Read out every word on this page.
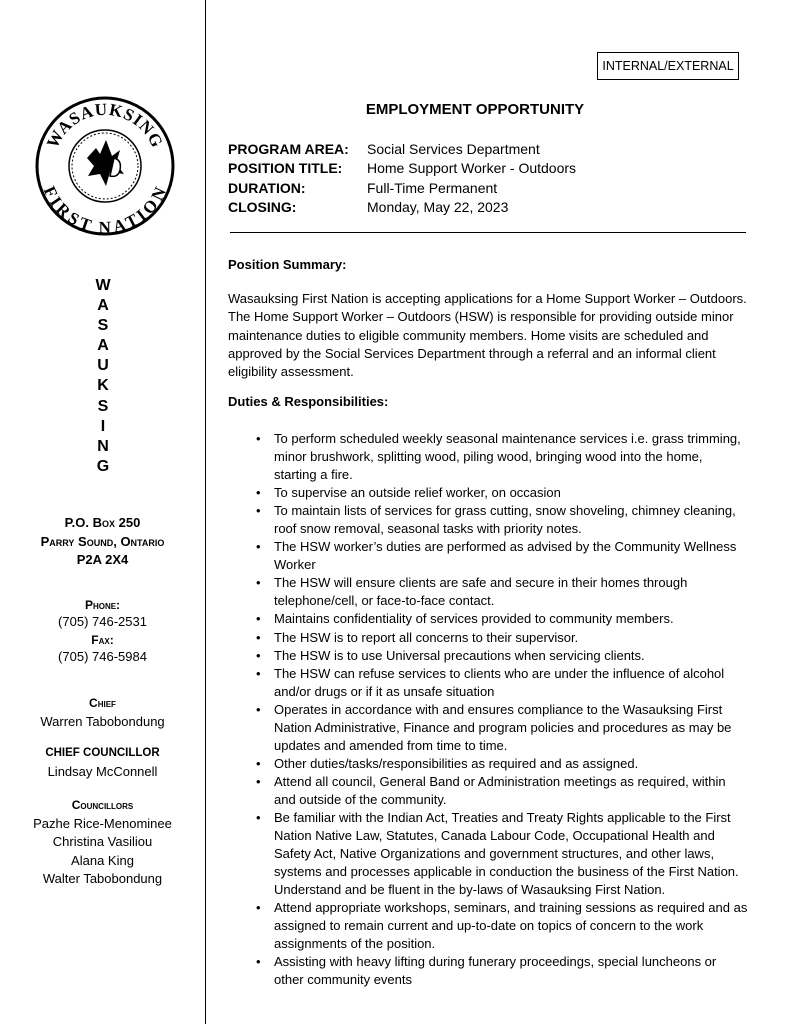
WASAUKSING
FIRST NATION
W
A
S
A
U
K
S
I
N
G
P.O. Box 250
Parry Sound, Ontario
P2A 2X4
Phone:
(705) 746-2531
Fax:
(705) 746-5984
Chief
Warren Tabobondung
CHIEF COUNCILLOR
Lindsay McConnell
Councillors
Pazhe Rice-Menominee
Christina Vasiliou
Alana King
Walter Tabobondung
INTERNAL/EXTERNAL
EMPLOYMENT OPPORTUNITY
PROGRAM AREA:	Social Services Department
POSITION TITLE:	Home Support Worker - Outdoors
DURATION:	Full-Time Permanent
CLOSING:	Monday, May 22, 2023
Position Summary:
Wasauksing First Nation is accepting applications for a Home Support Worker – Outdoors. The Home Support Worker – Outdoors (HSW) is responsible for providing outside minor maintenance duties to eligible community members. Home visits are scheduled and approved by the Social Services Department through a referral and an informal client eligibility assessment.
Duties & Responsibilities:
• To perform scheduled weekly seasonal maintenance services i.e. grass trimming, minor brushwork, splitting wood, piling wood, bringing wood into the home, starting a fire.
• To supervise an outside relief worker, on occasion
• To maintain lists of services for grass cutting, snow shoveling, chimney cleaning, roof snow removal, seasonal tasks with priority notes.
• The HSW worker’s duties are performed as advised by the Community Wellness Worker
• The HSW will ensure clients are safe and secure in their homes through telephone/cell, or face-to-face contact.
• Maintains confidentiality of services provided to community members.
• The HSW is to report all concerns to their supervisor.
• The HSW is to use Universal precautions when servicing clients.
• The HSW can refuse services to clients who are under the influence of alcohol and/or drugs or if it as unsafe situation
• Operates in accordance with and ensures compliance to the Wasauksing First Nation Administrative, Finance and program policies and procedures as may be updates and amended from time to time.
• Other duties/tasks/responsibilities as required and as assigned.
• Attend all council, General Band or Administration meetings as required, within and outside of the community.
• Be familiar with the Indian Act, Treaties and Treaty Rights applicable to the First Nation Native Law, Statutes, Canada Labour Code, Occupational Health and Safety Act, Native Organizations and government structures, and other laws, systems and processes applicable in conduction the business of the First Nation. Understand and be fluent in the by-laws of Wasauksing First Nation.
• Attend appropriate workshops, seminars, and training sessions as required and as assigned to remain current and up-to-date on topics of concern to the work assignments of the position.
• Assisting with heavy lifting during funerary proceedings, special luncheons or other community events
